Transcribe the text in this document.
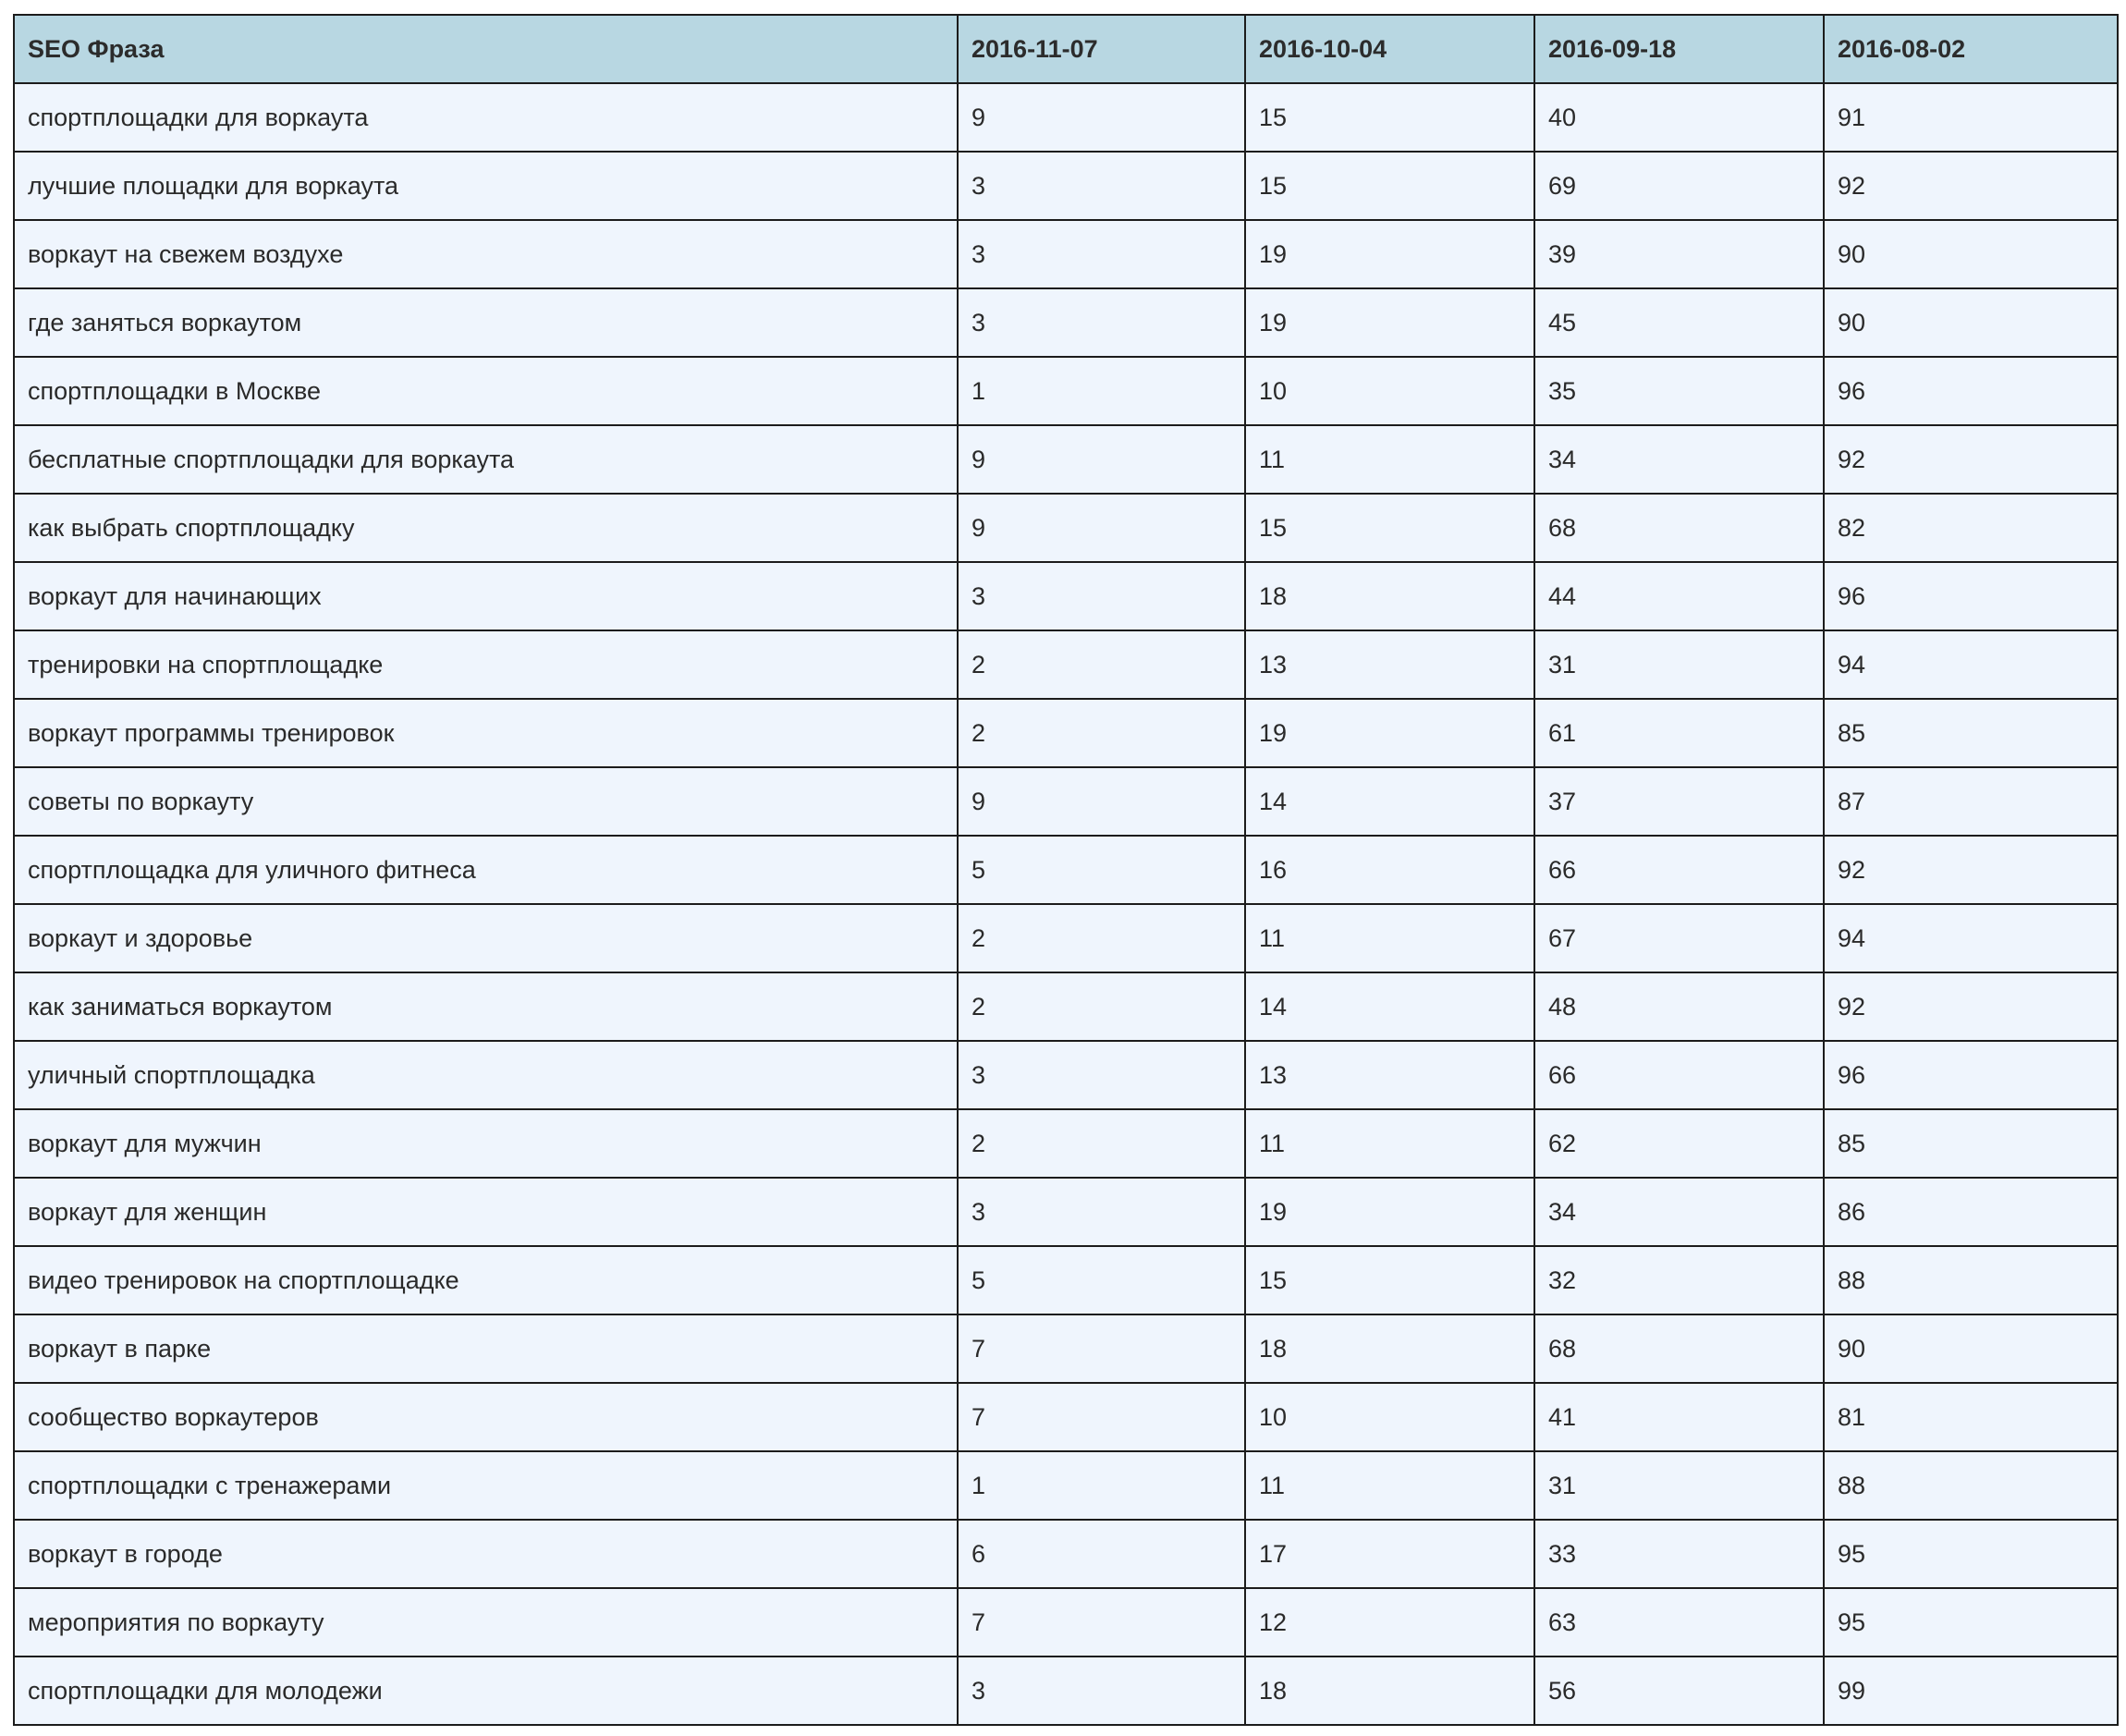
SEO Фраза	2016-11-07	2016-10-04	2016-09-18	2016-08-02
спортплощадки для воркаута	9	15	40	91
лучшие площадки для воркаута	3	15	69	92
воркаут на свежем воздухе	3	19	39	90
где заняться воркаутом	3	19	45	90
спортплощадки в Москве	1	10	35	96
бесплатные спортплощадки для воркаута	9	11	34	92
как выбрать спортплощадку	9	15	68	82
воркаут для начинающих	3	18	44	96
тренировки на спортплощадке	2	13	31	94
воркаут программы тренировок	2	19	61	85
советы по воркауту	9	14	37	87
спортплощадка для уличного фитнеса	5	16	66	92
воркаут и здоровье	2	11	67	94
как заниматься воркаутом	2	14	48	92
уличный спортплощадка	3	13	66	96
воркаут для мужчин	2	11	62	85
воркаут для женщин	3	19	34	86
видео тренировок на спортплощадке	5	15	32	88
воркаут в парке	7	18	68	90
сообщество воркаутеров	7	10	41	81
спортплощадки с тренажерами	1	11	31	88
воркаут в городе	6	17	33	95
мероприятия по воркауту	7	12	63	95
спортплощадки для молодежи	3	18	56	99
